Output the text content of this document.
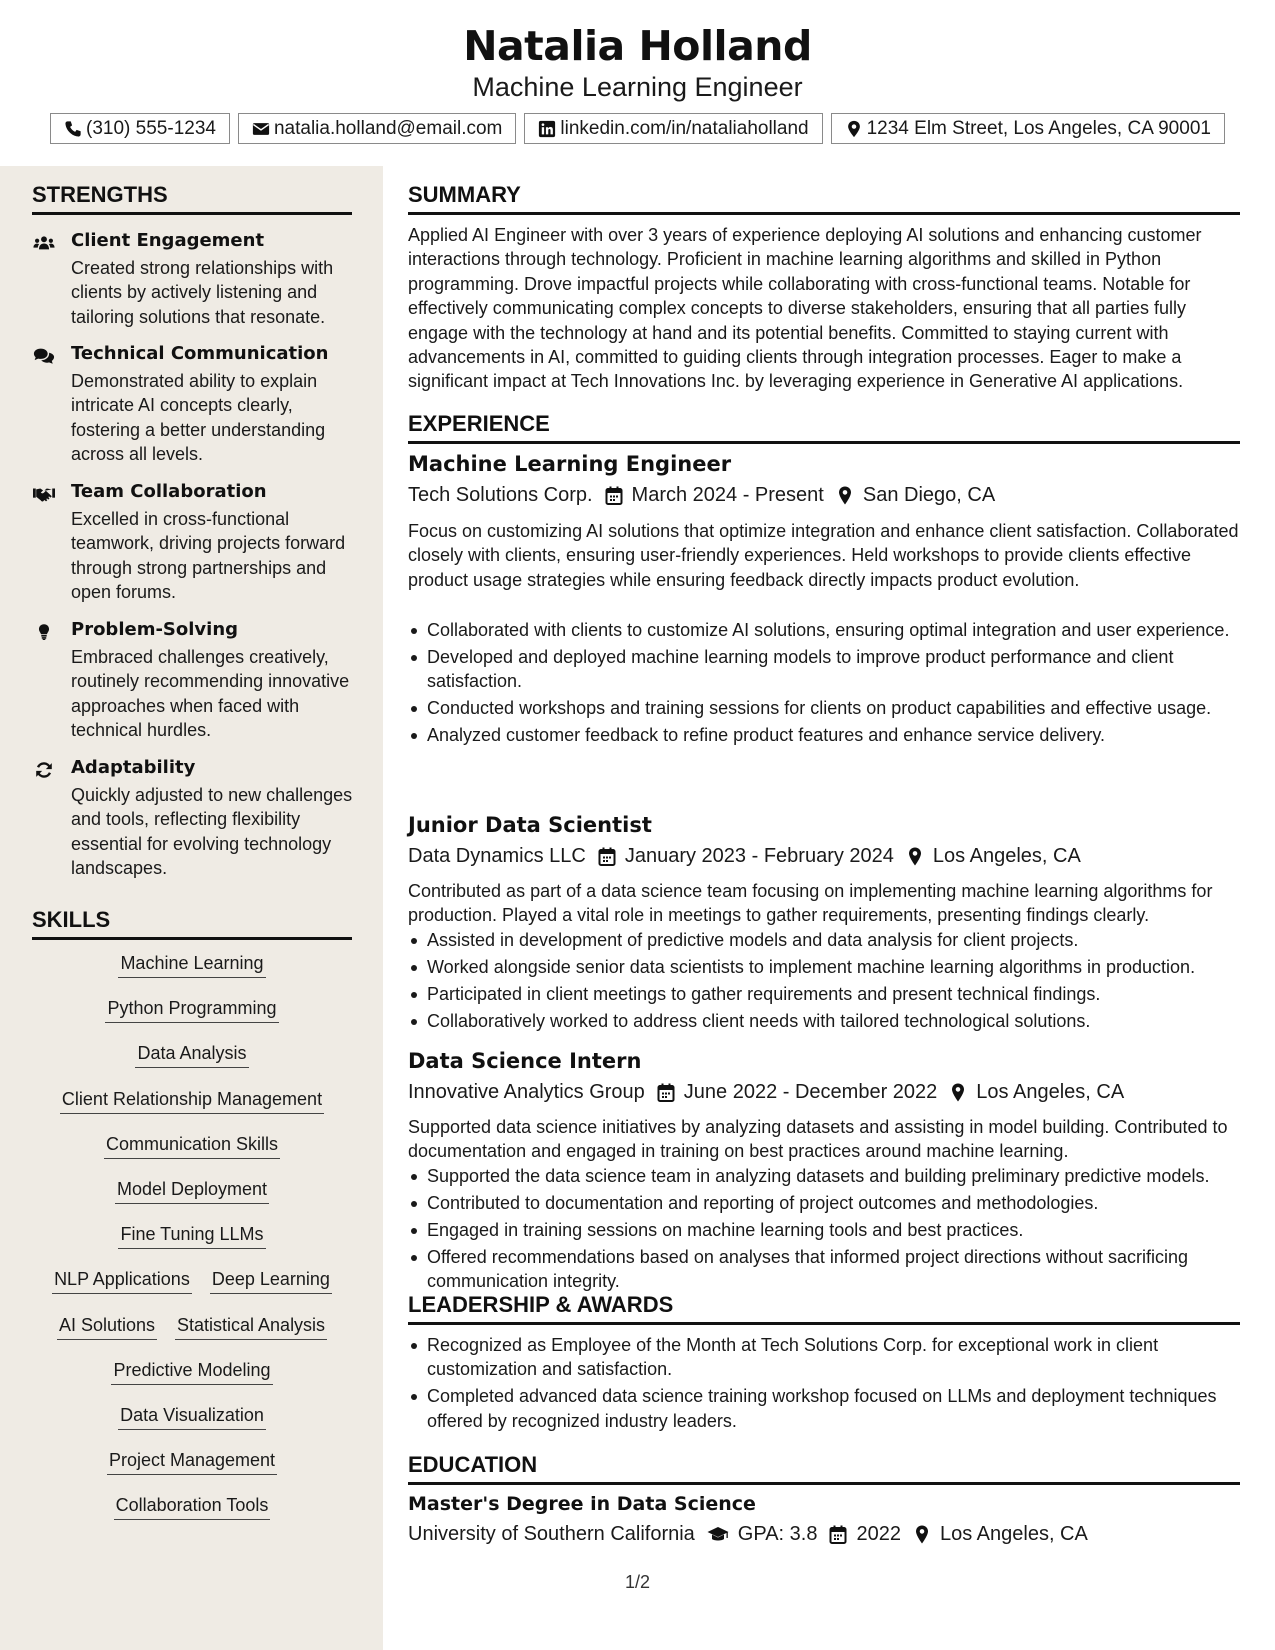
Natalia Holland
Machine Learning Engineer
(310) 555-1234	natalia.holland@email.com	linkedin.com/in/nataliaholland	1234 Elm Street, Los Angeles, CA 90001
STRENGTHS
Client Engagement
Created strong relationships with clients by actively listening and tailoring solutions that resonate.
Technical Communication
Demonstrated ability to explain intricate AI concepts clearly, fostering a better understanding across all levels.
Team Collaboration
Excelled in cross-functional teamwork, driving projects forward through strong partnerships and open forums.
Problem-Solving
Embraced challenges creatively, routinely recommending innovative approaches when faced with technical hurdles.
Adaptability
Quickly adjusted to new challenges and tools, reflecting flexibility essential for evolving technology landscapes.
SKILLS
Machine Learning
Python Programming
Data Analysis
Client Relationship Management
Communication Skills
Model Deployment
Fine Tuning LLMs
NLP Applications Deep Learning
AI Solutions Statistical Analysis
Predictive Modeling
Data Visualization
Project Management
Collaboration Tools
SUMMARY
Applied AI Engineer with over 3 years of experience deploying AI solutions and enhancing customer interactions through technology. Proficient in machine learning algorithms and skilled in Python programming. Drove impactful projects while collaborating with cross-functional teams. Notable for effectively communicating complex concepts to diverse stakeholders, ensuring that all parties fully engage with the technology at hand and its potential benefits. Committed to staying current with advancements in AI, committed to guiding clients through integration processes. Eager to make a significant impact at Tech Innovations Inc. by leveraging experience in Generative AI applications.
EXPERIENCE
Machine Learning Engineer
Tech Solutions Corp. March 2024 - Present San Diego, CA
Focus on customizing AI solutions that optimize integration and enhance client satisfaction. Collaborated closely with clients, ensuring user-friendly experiences. Held workshops to provide clients effective product usage strategies while ensuring feedback directly impacts product evolution.
Collaborated with clients to customize AI solutions, ensuring optimal integration and user experience.
Developed and deployed machine learning models to improve product performance and client satisfaction.
Conducted workshops and training sessions for clients on product capabilities and effective usage.
Analyzed customer feedback to refine product features and enhance service delivery.
Junior Data Scientist
Data Dynamics LLC January 2023 - February 2024 Los Angeles, CA
Contributed as part of a data science team focusing on implementing machine learning algorithms for production. Played a vital role in meetings to gather requirements, presenting findings clearly.
Assisted in development of predictive models and data analysis for client projects.
Worked alongside senior data scientists to implement machine learning algorithms in production.
Participated in client meetings to gather requirements and present technical findings.
Collaboratively worked to address client needs with tailored technological solutions.
Data Science Intern
Innovative Analytics Group June 2022 - December 2022 Los Angeles, CA
Supported data science initiatives by analyzing datasets and assisting in model building. Contributed to documentation and engaged in training on best practices around machine learning.
Supported the data science team in analyzing datasets and building preliminary predictive models.
Contributed to documentation and reporting of project outcomes and methodologies.
Engaged in training sessions on machine learning tools and best practices.
Offered recommendations based on analyses that informed project directions without sacrificing communication integrity.
LEADERSHIP & AWARDS
Recognized as Employee of the Month at Tech Solutions Corp. for exceptional work in client customization and satisfaction.
Completed advanced data science training workshop focused on LLMs and deployment techniques offered by recognized industry leaders.
EDUCATION
Master's Degree in Data Science
University of Southern California GPA: 3.8 2022 Los Angeles, CA
1/2
